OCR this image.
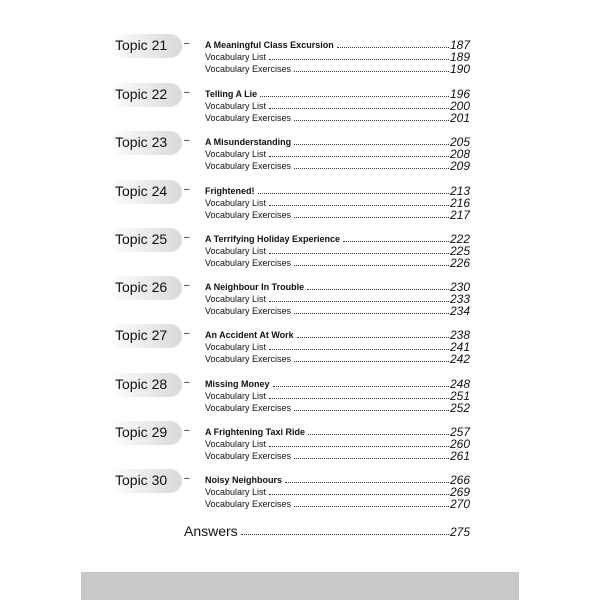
Topic 21 – A Meaningful Class Excursion	187
Vocabulary List	189
Vocabulary Exercises	190
Topic 22 – Telling A Lie	196
Vocabulary List	200
Vocabulary Exercises	201
Topic 23 – A Misunderstanding	205
Vocabulary List	208
Vocabulary Exercises	209
Topic 24 – Frightened!	213
Vocabulary List	216
Vocabulary Exercises	217
Topic 25 – A Terrifying Holiday Experience	222
Vocabulary List	225
Vocabulary Exercises	226
Topic 26 – A Neighbour In Trouble	230
Vocabulary List	233
Vocabulary Exercises	234
Topic 27 – An Accident At Work	238
Vocabulary List	241
Vocabulary Exercises	242
Topic 28 – Missing Money	248
Vocabulary List	251
Vocabulary Exercises	252
Topic 29 – A Frightening Taxi Ride	257
Vocabulary List	260
Vocabulary Exercises	261
Topic 30 – Noisy Neighbours	266
Vocabulary List	269
Vocabulary Exercises	270
Answers	275
